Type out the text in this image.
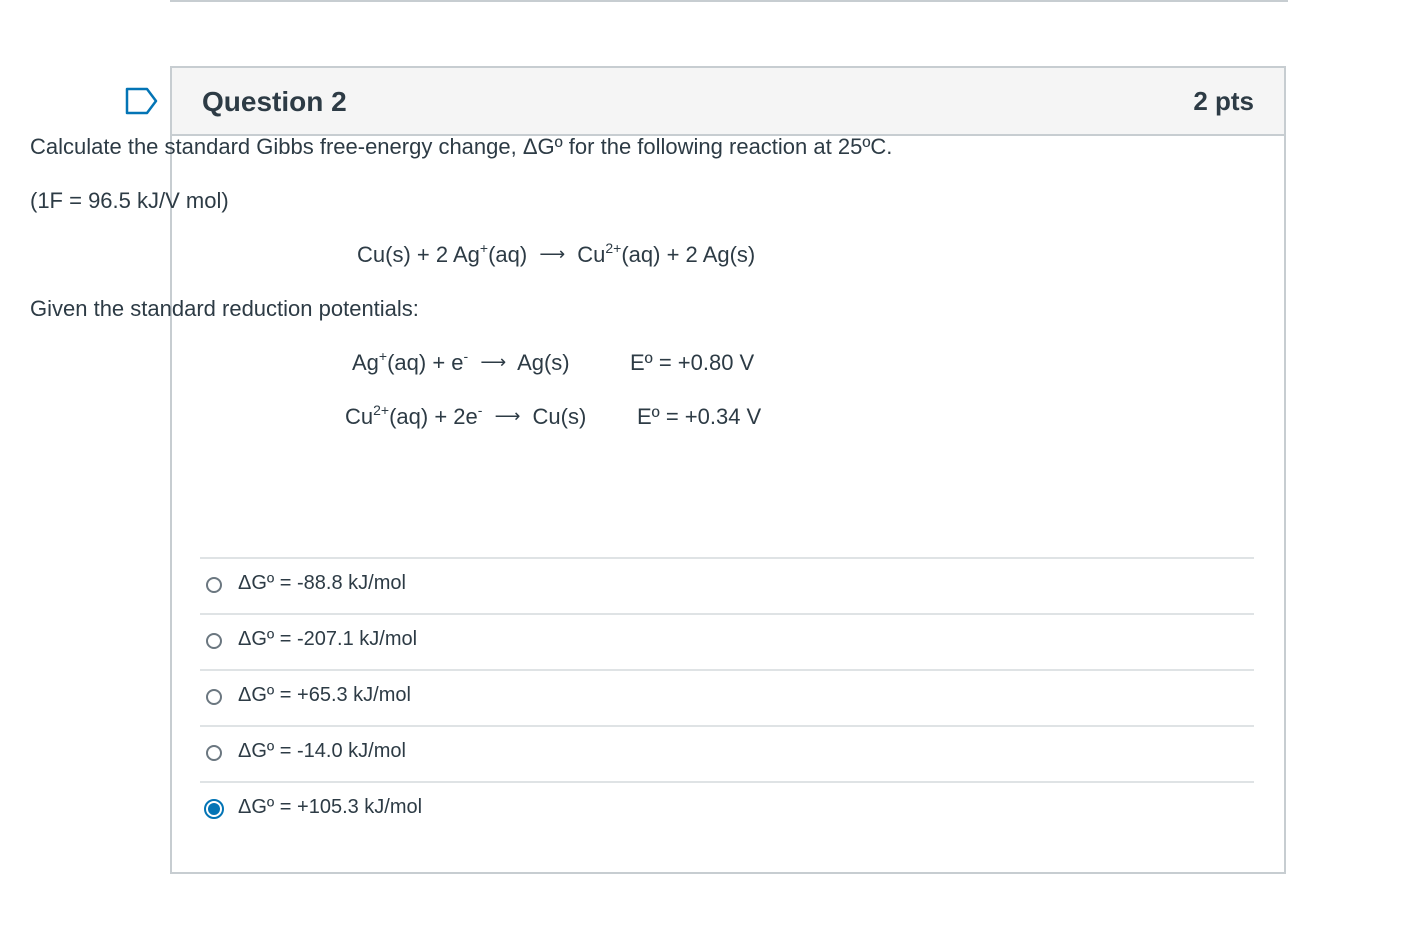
Question 2	2 pts
Calculate the standard Gibbs free-energy change, ΔGº for the following reaction at 25ºC.
(1F = 96.5 kJ/V mol)
Cu(s) + 2 Ag+(aq) ⟶ $Cu^{2+}(aq) + 2$ Ag(s)
Given the standard reduction potentials:
Ag+(aq) + e- ⟶ Ag(s)	Eº = +0.80 V
$Cu^{2+}(aq) + 2e^-$ ⟶ Cu(s) Eº = +0.34 V
ΔGº = -88.8 kJ/mol
ΔGº = -207.1 kJ/mol
ΔGº = +65.3 kJ/mol
ΔGº = -14.0 kJ/mol
ΔGº = +105.3 kJ/mol
